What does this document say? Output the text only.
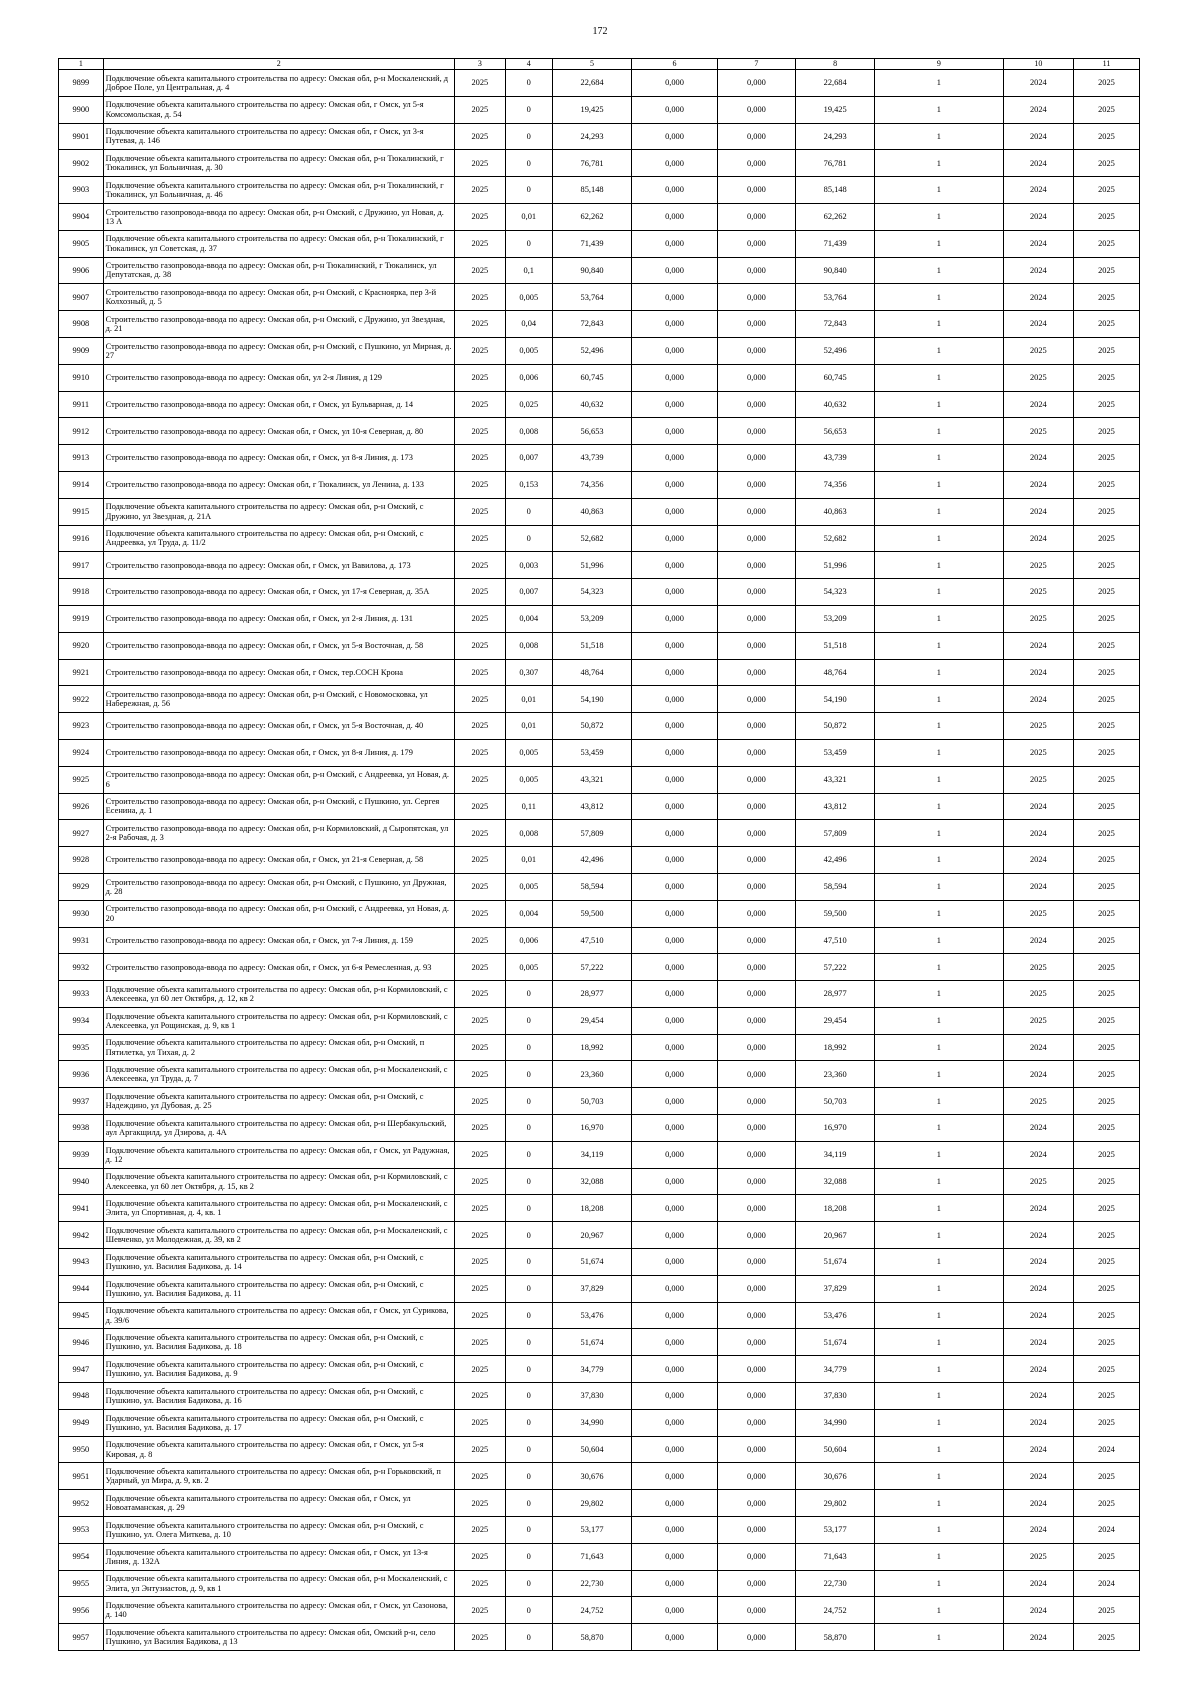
172
1	2	3	4	5	6	7	8	9	10	11
9899	Подключение объекта капитального строительства по адресу: Омская обл, р-н Москаленский, д Доброе Поле, ул Центральная, д. 4	2025	0	22,684	0,000	0,000	22,684	1	2024	2025
9900	Подключение объекта капитального строительства по адресу: Омская обл, г Омск, ул 5-я Комсомольская, д. 54	2025	0	19,425	0,000	0,000	19,425	1	2024	2025
9901	Подключение объекта капитального строительства по адресу: Омская обл, г Омск, ул 3-я Путевая, д. 146	2025	0	24,293	0,000	0,000	24,293	1	2024	2025
9902	Подключение объекта капитального строительства по адресу: Омская обл, р-н Тюкалинский, г Тюкалинск, ул Больничная, д. 30	2025	0	76,781	0,000	0,000	76,781	1	2024	2025
9903	Подключение объекта капитального строительства по адресу: Омская обл, р-н Тюкалинский, г Тюкалинск, ул Больничная, д. 46	2025	0	85,148	0,000	0,000	85,148	1	2024	2025
9904	Строительство газопровода-ввода по адресу: Омская обл, р-н Омский, с Дружино, ул Новая, д. 13 А	2025	0,01	62,262	0,000	0,000	62,262	1	2024	2025
9905	Подключение объекта капитального строительства по адресу: Омская обл, р-н Тюкалинский, г Тюкалинск, ул Советская, д. 37	2025	0	71,439	0,000	0,000	71,439	1	2024	2025
9906	Строительство газопровода-ввода по адресу: Омская обл, р-н Тюкалинский, г Тюкалинск, ул Депутатская, д. 38	2025	0,1	90,840	0,000	0,000	90,840	1	2024	2025
9907	Строительство газопровода-ввода по адресу: Омская обл, р-н Омский, с Красноярка, пер 3-й Колхозный, д. 5	2025	0,005	53,764	0,000	0,000	53,764	1	2024	2025
9908	Строительство газопровода-ввода по адресу: Омская обл, р-н Омский, с Дружино, ул Звездная, д. 21	2025	0,04	72,843	0,000	0,000	72,843	1	2024	2025
9909	Строительство газопровода-ввода по адресу: Омская обл, р-н Омский, с Пушкино, ул Мирная, д. 27	2025	0,005	52,496	0,000	0,000	52,496	1	2025	2025
9910	Строительство газопровода-ввода по адресу: Омская обл, ул 2-я Линия, д 129	2025	0,006	60,745	0,000	0,000	60,745	1	2025	2025
9911	Строительство газопровода-ввода по адресу: Омская обл, г Омск, ул Бульварная, д. 14	2025	0,025	40,632	0,000	0,000	40,632	1	2024	2025
9912	Строительство газопровода-ввода по адресу: Омская обл, г Омск, ул 10-я Северная, д. 80	2025	0,008	56,653	0,000	0,000	56,653	1	2025	2025
9913	Строительство газопровода-ввода по адресу: Омская обл, г Омск, ул 8-я Линия, д. 173	2025	0,007	43,739	0,000	0,000	43,739	1	2024	2025
9914	Строительство газопровода-ввода по адресу: Омская обл, г Тюкалинск, ул Ленина, д. 133	2025	0,153	74,356	0,000	0,000	74,356	1	2024	2025
9915	Подключение объекта капитального строительства по адресу: Омская обл, р-н Омский, с Дружино, ул Звездная, д. 21А	2025	0	40,863	0,000	0,000	40,863	1	2024	2025
9916	Подключение объекта капитального строительства по адресу: Омская обл, р-н Омский, с Андреевка, ул Труда, д. 11/2	2025	0	52,682	0,000	0,000	52,682	1	2024	2025
9917	Строительство газопровода-ввода по адресу: Омская обл, г Омск, ул Вавилова, д. 173	2025	0,003	51,996	0,000	0,000	51,996	1	2025	2025
9918	Строительство газопровода-ввода по адресу: Омская обл, г Омск, ул 17-я Северная, д. 35А	2025	0,007	54,323	0,000	0,000	54,323	1	2025	2025
9919	Строительство газопровода-ввода по адресу: Омская обл, г Омск, ул 2-я Линия, д. 131	2025	0,004	53,209	0,000	0,000	53,209	1	2025	2025
9920	Строительство газопровода-ввода по адресу: Омская обл, г Омск, ул 5-я Восточная, д. 58	2025	0,008	51,518	0,000	0,000	51,518	1	2024	2025
9921	Строительство газопровода-ввода по адресу: Омская обл, г Омск, тер.СОСН Крона	2025	0,307	48,764	0,000	0,000	48,764	1	2024	2025
9922	Строительство газопровода-ввода по адресу: Омская обл, р-н Омский, с Новомосковка, ул Набережная, д. 56	2025	0,01	54,190	0,000	0,000	54,190	1	2024	2025
9923	Строительство газопровода-ввода по адресу: Омская обл, г Омск, ул 5-я Восточная, д. 40	2025	0,01	50,872	0,000	0,000	50,872	1	2025	2025
9924	Строительство газопровода-ввода по адресу: Омская обл, г Омск, ул 8-я Линия, д. 179	2025	0,005	53,459	0,000	0,000	53,459	1	2025	2025
9925	Строительство газопровода-ввода по адресу: Омская обл, р-н Омский, с Андреевка, ул Новая, д. 6	2025	0,005	43,321	0,000	0,000	43,321	1	2025	2025
9926	Строительство газопровода-ввода по адресу: Омская обл, р-н Омский, с Пушкино, ул. Сергея Есенина, д. 1	2025	0,11	43,812	0,000	0,000	43,812	1	2024	2025
9927	Строительство газопровода-ввода по адресу: Омская обл, р-н Кормиловский, д Сыропятская, ул 2-я Рабочая, д. 3	2025	0,008	57,809	0,000	0,000	57,809	1	2024	2025
9928	Строительство газопровода-ввода по адресу: Омская обл, г Омск, ул 21-я Северная, д. 58	2025	0,01	42,496	0,000	0,000	42,496	1	2024	2025
9929	Строительство газопровода-ввода по адресу: Омская обл, р-н Омский, с Пушкино, ул Дружная, д. 28	2025	0,005	58,594	0,000	0,000	58,594	1	2024	2025
9930	Строительство газопровода-ввода по адресу: Омская обл, р-н Омский, с Андреевка, ул Новая, д. 20	2025	0,004	59,500	0,000	0,000	59,500	1	2025	2025
9931	Строительство газопровода-ввода по адресу: Омская обл, г Омск, ул 7-я Линия, д. 159	2025	0,006	47,510	0,000	0,000	47,510	1	2024	2025
9932	Строительство газопровода-ввода по адресу: Омская обл, г Омск, ул 6-я Ремесленная, д. 93	2025	0,005	57,222	0,000	0,000	57,222	1	2025	2025
9933	Подключение объекта капитального строительства по адресу: Омская обл, р-н Кормиловский, с Алексеевка, ул 60 лет Октября, д. 12, кв 2	2025	0	28,977	0,000	0,000	28,977	1	2025	2025
9934	Подключение объекта капитального строительства по адресу: Омская обл, р-н Кормиловский, с Алексеевка, ул Рощинская, д. 9, кв 1	2025	0	29,454	0,000	0,000	29,454	1	2025	2025
9935	Подключение объекта капитального строительства по адресу: Омская обл, р-н Омский, п Пятилетка, ул Тихая, д. 2	2025	0	18,992	0,000	0,000	18,992	1	2024	2025
9936	Подключение объекта капитального строительства по адресу: Омская обл, р-н Москаленский, с Алексеевка, ул Труда, д. 7	2025	0	23,360	0,000	0,000	23,360	1	2024	2025
9937	Подключение объекта капитального строительства по адресу: Омская обл, р-н Омский, с Надеждино, ул Дубовая, д. 25	2025	0	50,703	0,000	0,000	50,703	1	2025	2025
9938	Подключение объекта капитального строительства по адресу: Омская обл, р-н Шербакульский, аул Аргакщилд, ул Дзирова, д. 4А	2025	0	16,970	0,000	0,000	16,970	1	2024	2025
9939	Подключение объекта капитального строительства по адресу: Омская обл, г Омск, ул Радужная, д. 12	2025	0	34,119	0,000	0,000	34,119	1	2024	2025
9940	Подключение объекта капитального строительства по адресу: Омская обл, р-н Кормиловский, с Алексеевка, ул 60 лет Октября, д. 15, кв 2	2025	0	32,088	0,000	0,000	32,088	1	2025	2025
9941	Подключение объекта капитального строительства по адресу: Омская обл, р-н Москаленский, с Элита, ул Спортивная, д. 4, кв. 1	2025	0	18,208	0,000	0,000	18,208	1	2024	2025
9942	Подключение объекта капитального строительства по адресу: Омская обл, р-н Москаленский, с Шевченко, ул Молодежная, д. 39, кв 2	2025	0	20,967	0,000	0,000	20,967	1	2024	2025
9943	Подключение объекта капитального строительства по адресу: Омская обл, р-н Омский, с Пушкино, ул. Василия Бадикова, д. 14	2025	0	51,674	0,000	0,000	51,674	1	2024	2025
9944	Подключение объекта капитального строительства по адресу: Омская обл, р-н Омский, с Пушкино, ул. Василия Бадикова, д. 11	2025	0	37,829	0,000	0,000	37,829	1	2024	2025
9945	Подключение объекта капитального строительства по адресу: Омская обл, г Омск, ул Сурикова, д. 39/6	2025	0	53,476	0,000	0,000	53,476	1	2024	2025
9946	Подключение объекта капитального строительства по адресу: Омская обл, р-н Омский, с Пушкино, ул. Василия Бадикова, д. 18	2025	0	51,674	0,000	0,000	51,674	1	2024	2025
9947	Подключение объекта капитального строительства по адресу: Омская обл, р-н Омский, с Пушкино, ул. Василия Бадикова, д. 9	2025	0	34,779	0,000	0,000	34,779	1	2024	2025
9948	Подключение объекта капитального строительства по адресу: Омская обл, р-н Омский, с Пушкино, ул. Василия Бадикова, д. 16	2025	0	37,830	0,000	0,000	37,830	1	2024	2025
9949	Подключение объекта капитального строительства по адресу: Омская обл, р-н Омский, с Пушкино, ул. Василия Бадикова, д. 17	2025	0	34,990	0,000	0,000	34,990	1	2024	2025
9950	Подключение объекта капитального строительства по адресу: Омская обл, г Омск, ул 5-я Кировая, д. 8	2025	0	50,604	0,000	0,000	50,604	1	2024	2024
9951	Подключение объекта капитального строительства по адресу: Омская обл, р-н Горьковский, п Ударный, ул Мира, д. 9, кв. 2	2025	0	30,676	0,000	0,000	30,676	1	2024	2025
9952	Подключение объекта капитального строительства по адресу: Омская обл, г Омск, ул Новоатаманская, д. 29	2025	0	29,802	0,000	0,000	29,802	1	2024	2025
9953	Подключение объекта капитального строительства по адресу: Омская обл, р-н Омский, с Пушкино, ул. Олега Миткева, д. 10	2025	0	53,177	0,000	0,000	53,177	1	2024	2024
9954	Подключение объекта капитального строительства по адресу: Омская обл, г Омск, ул 13-я Линия, д. 132А	2025	0	71,643	0,000	0,000	71,643	1	2025	2025
9955	Подключение объекта капитального строительства по адресу: Омская обл, р-н Москаленский, с Элита, ул Энтузиастов, д. 9, кв 1	2025	0	22,730	0,000	0,000	22,730	1	2024	2024
9956	Подключение объекта капитального строительства по адресу: Омская обл, г Омск, ул Сазонова, д. 140	2025	0	24,752	0,000	0,000	24,752	1	2024	2025
9957	Подключение объекта капитального строительства по адресу: Омская обл, Омский р-н, село Пушкино, ул Василия Бадикова, д 13	2025	0	58,870	0,000	0,000	58,870	1	2024	2025
